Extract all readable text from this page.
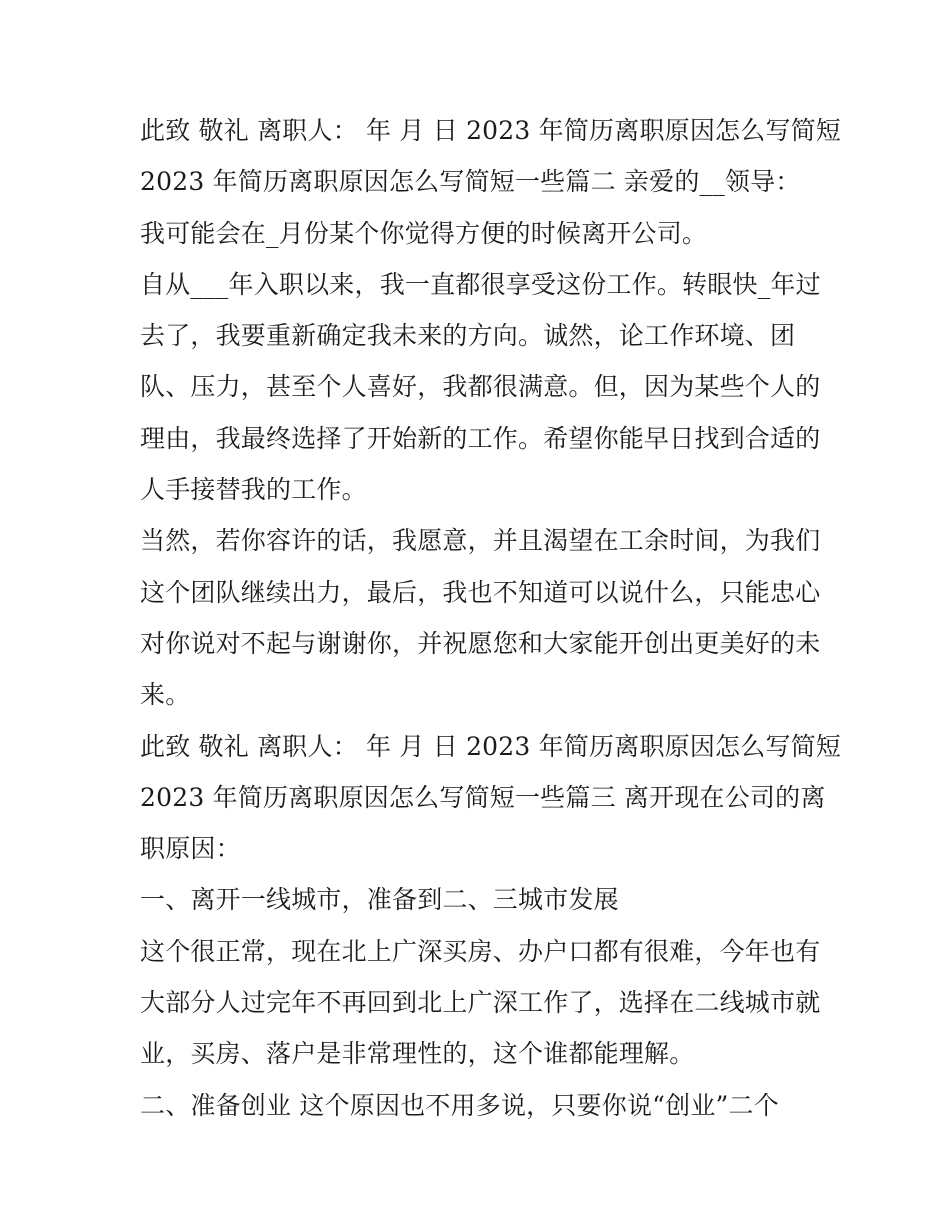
此致 敬礼 离职人： 年 月 日 2023 年简历离职原因怎么写简短
2023 年简历离职原因怎么写简短一些篇二 亲爱的__领导：
我可能会在_月份某个你觉得方便的时候离开公司。
自从___年入职以来，我一直都很享受这份工作。转眼快_年过
去了，我要重新确定我未来的方向。诚然，论工作环境、团
队、压力，甚至个人喜好，我都很满意。但，因为某些个人的
理由，我最终选择了开始新的工作。希望你能早日找到合适的
人手接替我的工作。
当然，若你容许的话，我愿意，并且渴望在工余时间，为我们
这个团队继续出力，最后，我也不知道可以说什么，只能忠心
对你说对不起与谢谢你，并祝愿您和大家能开创出更美好的未
来。
此致 敬礼 离职人： 年 月 日 2023 年简历离职原因怎么写简短
2023 年简历离职原因怎么写简短一些篇三 离开现在公司的离
职原因：
一、离开一线城市，准备到二、三城市发展
这个很正常，现在北上广深买房、办户口都有很难，今年也有
大部分人过完年不再回到北上广深工作了，选择在二线城市就
业，买房、落户是非常理性的，这个谁都能理解。
二、准备创业 这个原因也不用多说，只要你说“创业”二个
